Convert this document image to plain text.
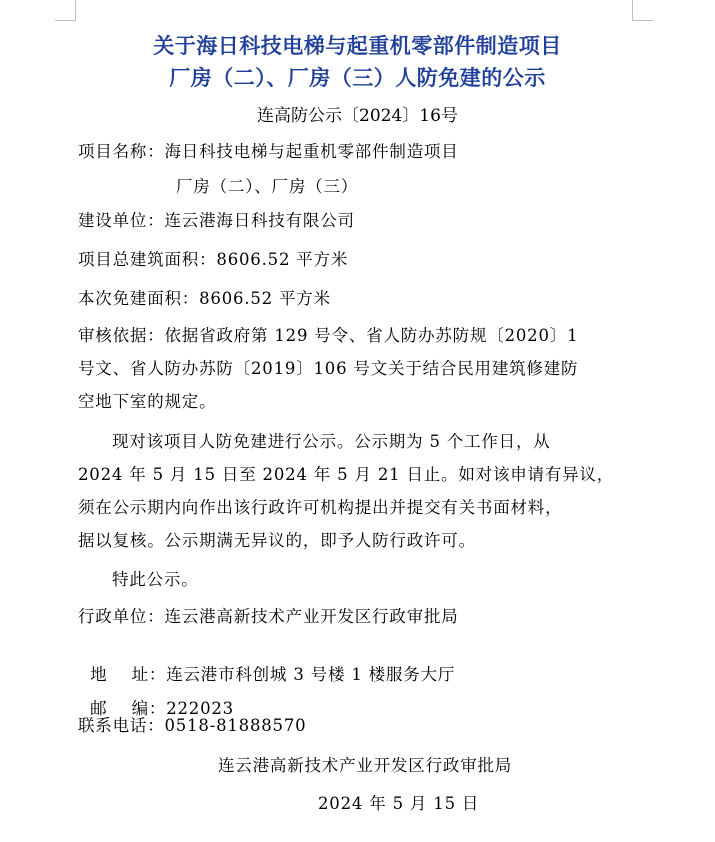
关于海日科技电梯与起重机零部件制造项目
厂房（二）、厂房（三）人防免建的公示
连高防公示〔2024〕16号
项目名称：海日科技电梯与起重机零部件制造项目
厂房（二）、厂房（三）
建设单位：连云港海日科技有限公司
项目总建筑面积：8606.52 平方米
本次免建面积：8606.52 平方米
审核依据：依据省政府第 129 号令、省人防办苏防规〔2020〕1
号文、省人防办苏防〔2019〕106 号文关于结合民用建筑修建防
空地下室的规定。
现对该项目人防免建进行公示。公示期为 5 个工作日，从
2024 年 5 月 15 日至 2024 年 5 月 21 日止。如对该申请有异议，
须在公示期内向作出该行政许可机构提出并提交有关书面材料，
据以复核。公示期满无异议的，即予人防行政许可。
特此公示。
行政单位：连云港高新技术产业开发区行政审批局

地    址：连云港市科创城 3 号楼 1 楼服务大厅

邮    编：222023

联系电话：0518-81888570
连云港高新技术产业开发区行政审批局
2024 年 5 月 15 日
